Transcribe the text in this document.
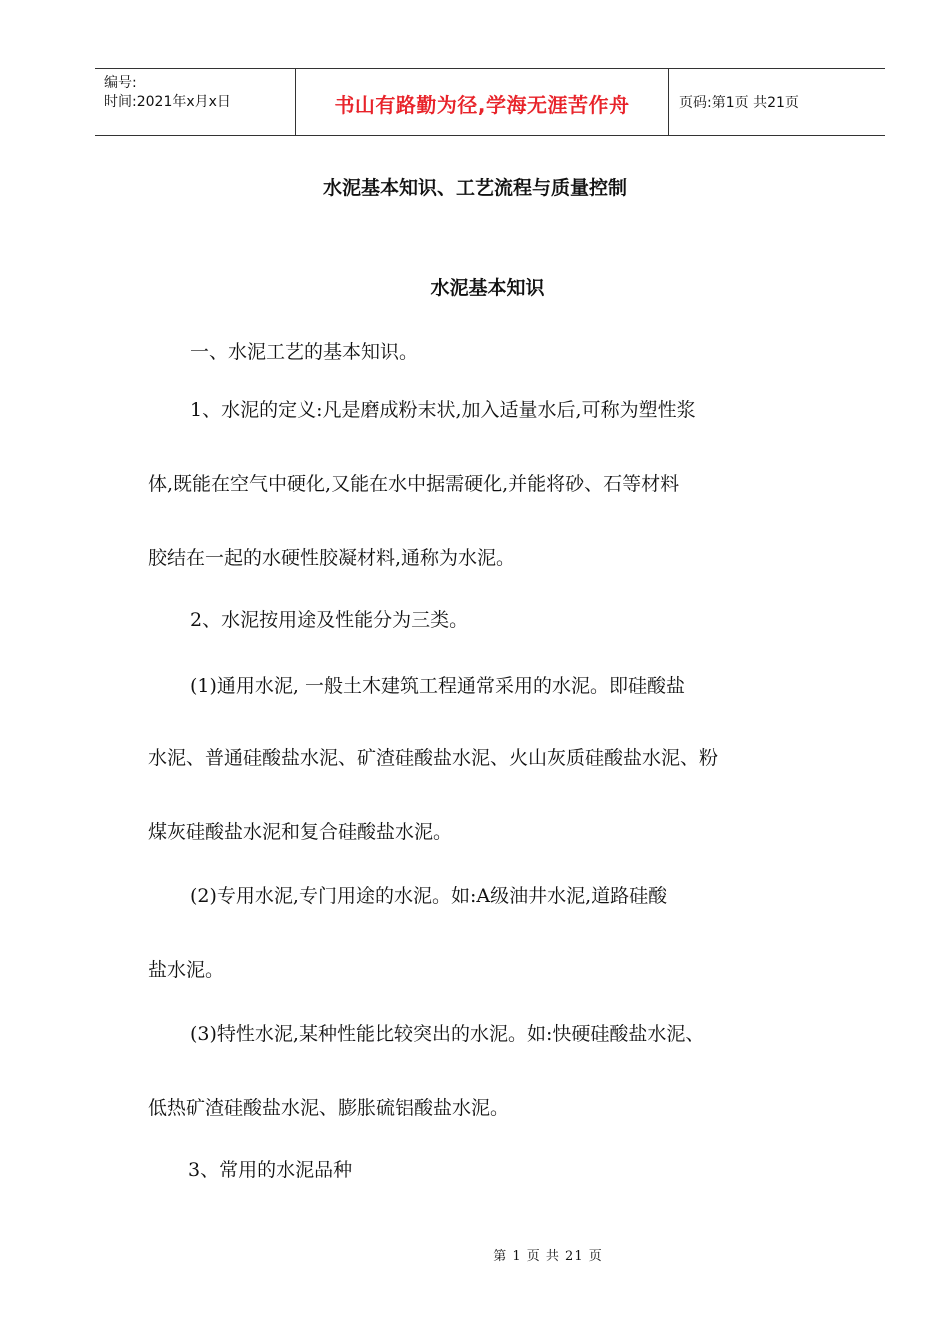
编号:
时间:2021年x月x日	书山有路勤为径,学海无涯苦作舟	页码:第1页 共21页
水泥基本知识、工艺流程与质量控制
水泥基本知识
一、水泥工艺的基本知识。
1、水泥的定义:凡是磨成粉末状,加入适量水后,可称为塑性浆
体,既能在空气中硬化,又能在水中据需硬化,并能将砂、石等材料
胶结在一起的水硬性胶凝材料,通称为水泥。
2、水泥按用途及性能分为三类。
(1)通用水泥, 一般土木建筑工程通常采用的水泥。即硅酸盐
水泥、普通硅酸盐水泥、矿渣硅酸盐水泥、火山灰质硅酸盐水泥、粉
煤灰硅酸盐水泥和复合硅酸盐水泥。
(2)专用水泥,专门用途的水泥。如:A级油井水泥,道路硅酸
盐水泥。
(3)特性水泥,某种性能比较突出的水泥。如:快硬硅酸盐水泥、
低热矿渣硅酸盐水泥、膨胀硫铝酸盐水泥。
3、常用的水泥品种
第 1 页 共 21 页
